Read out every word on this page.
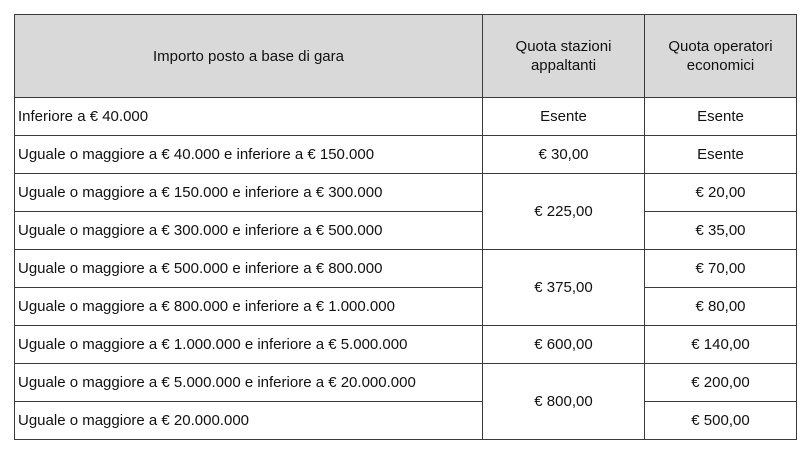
Importo posto a base di gara	Quota stazioni appaltanti	Quota operatori economici
Inferiore a € 40.000	Esente	Esente
Uguale o maggiore a € 40.000 e inferiore a € 150.000	€ 30,00	Esente
Uguale o maggiore a € 150.000 e inferiore a € 300.000	€ 225,00	€ 20,00
Uguale o maggiore a € 300.000 e inferiore a € 500.000		€ 35,00
Uguale o maggiore a € 500.000 e inferiore a € 800.000	€ 375,00	€ 70,00
Uguale o maggiore a € 800.000 e inferiore a € 1.000.000		€ 80,00
Uguale o maggiore a € 1.000.000 e inferiore a € 5.000.000	€ 600,00	€ 140,00
Uguale o maggiore a € 5.000.000 e inferiore a € 20.000.000	€ 800,00	€ 200,00
Uguale o maggiore a € 20.000.000		€ 500,00
